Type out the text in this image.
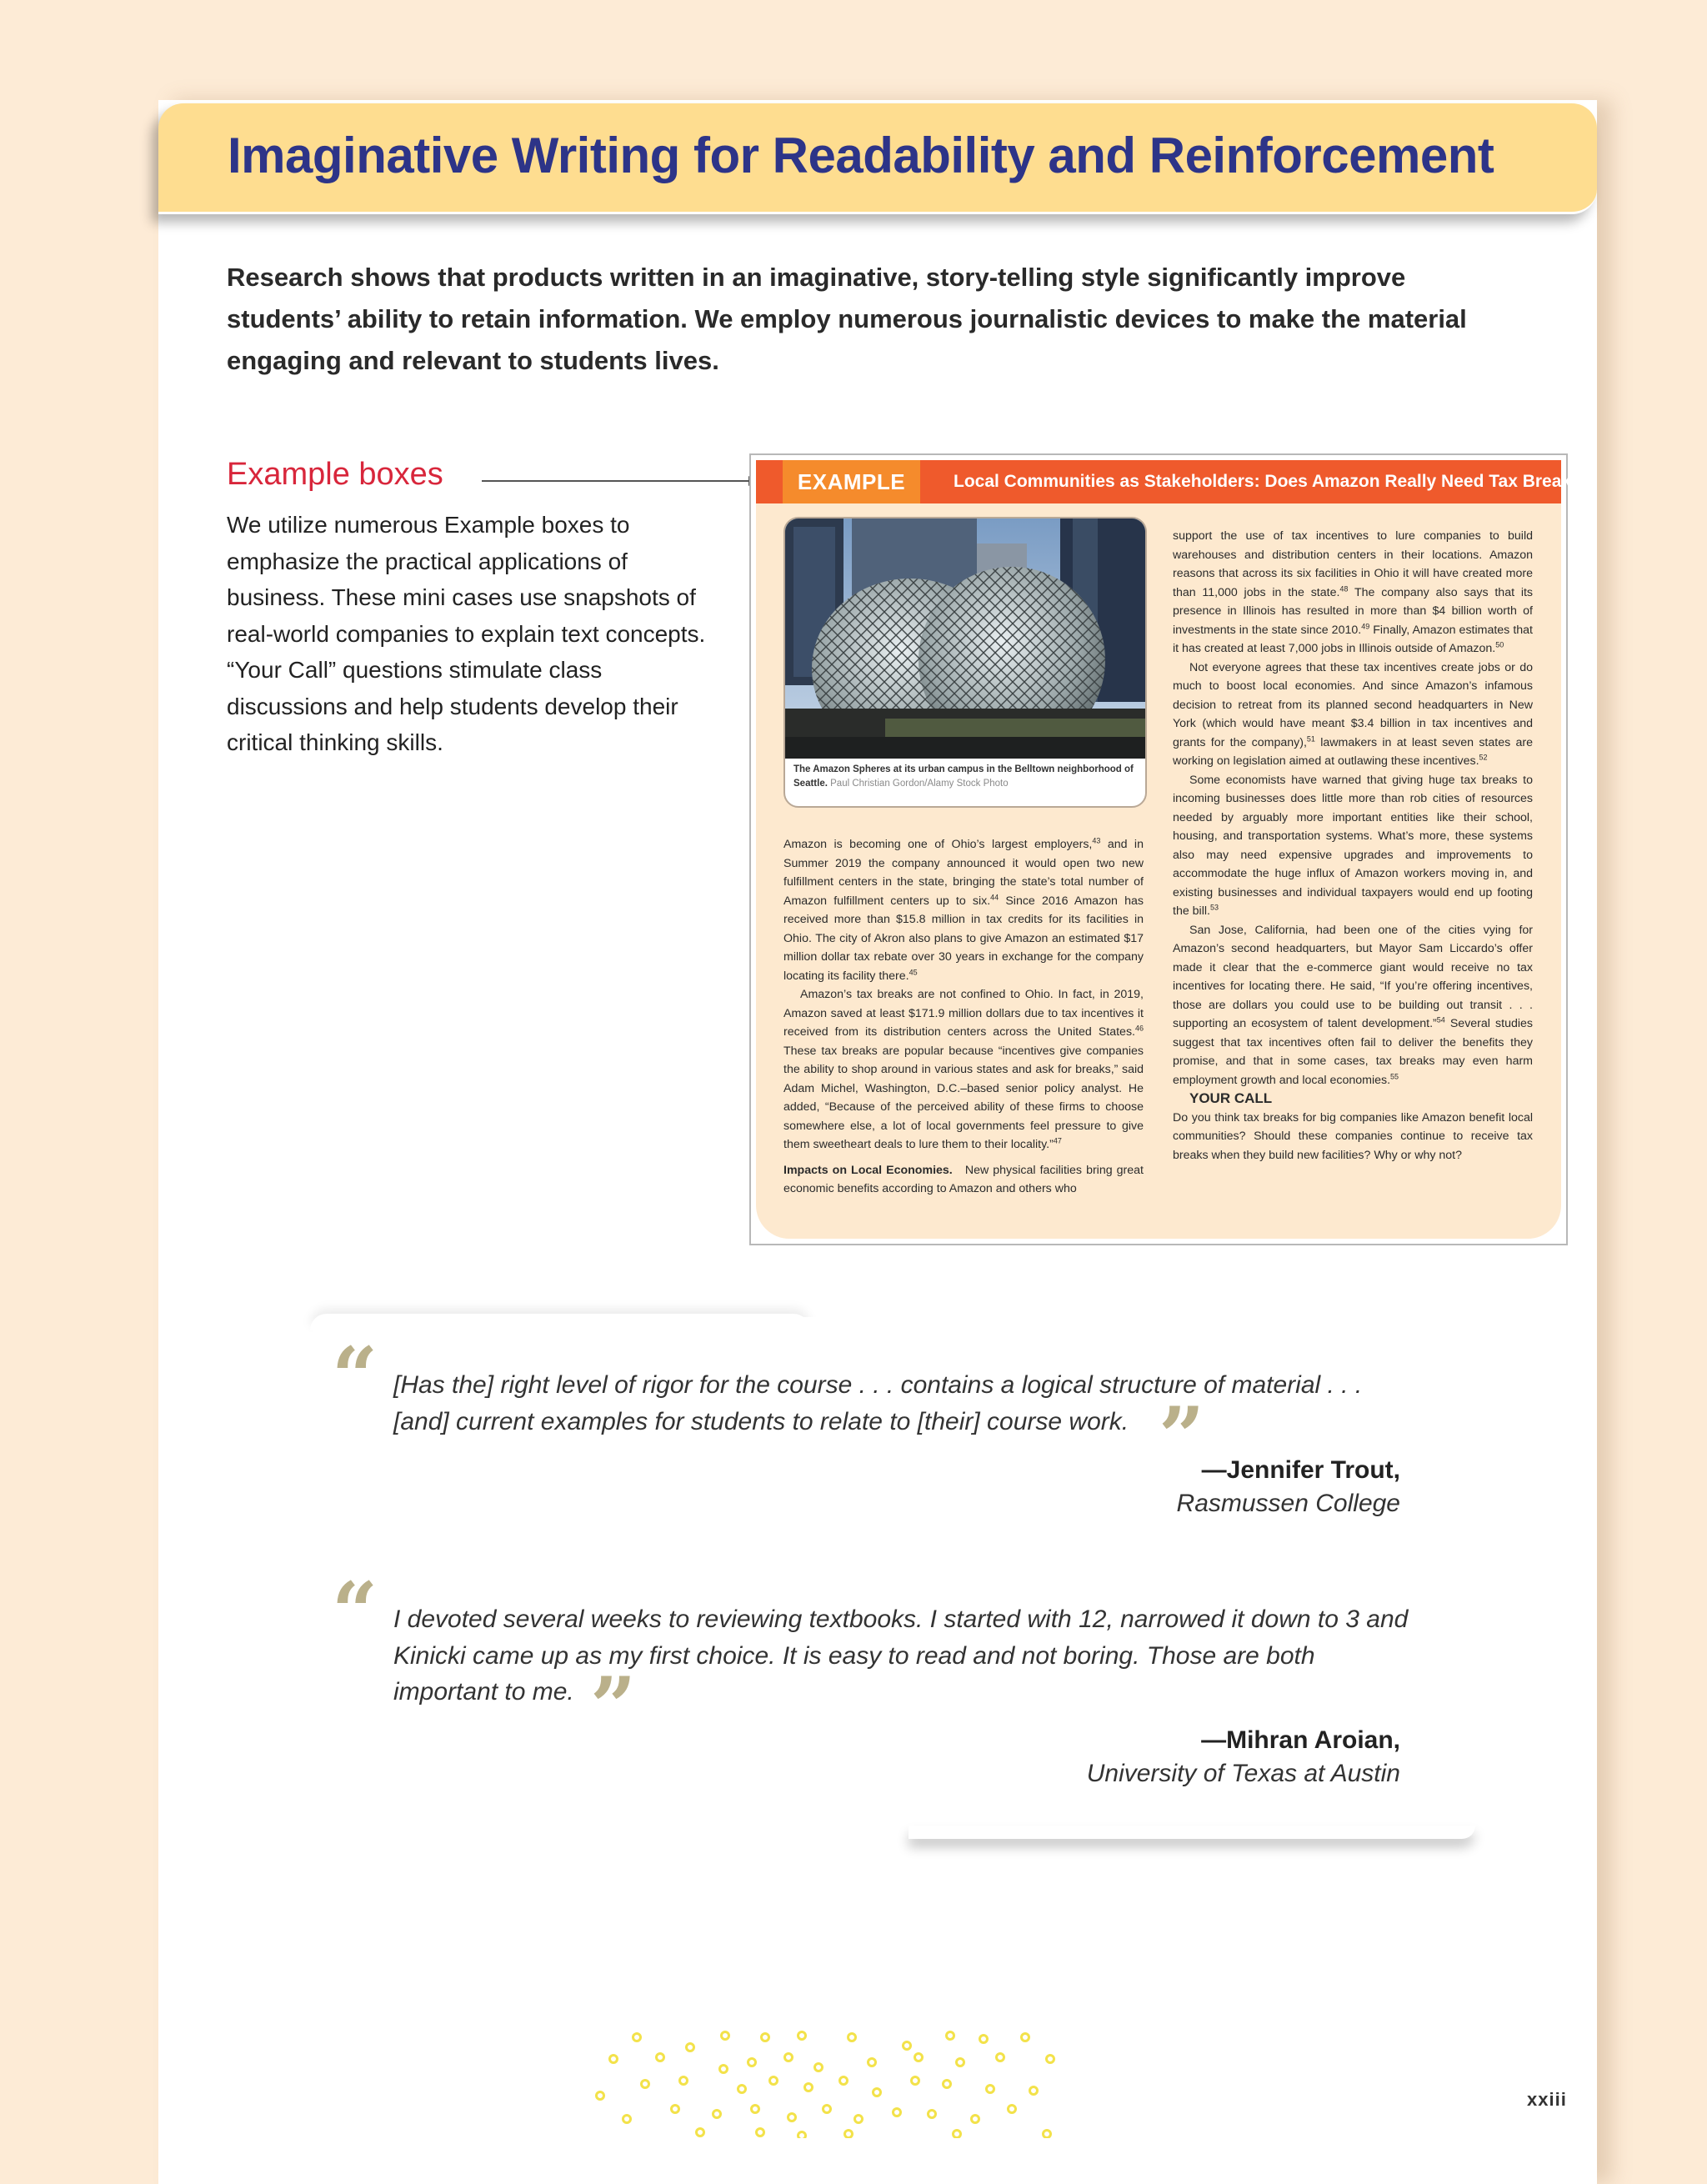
Imaginative Writing for Readability and Reinforcement
Research shows that products written in an imaginative, story-telling style significantly improve students’ ability to retain information. We employ numerous journalistic devices to make the material engaging and relevant to students lives.
Example boxes
We utilize numerous Example boxes to emphasize the practical applications of business. These mini cases use snapshots of real-world companies to explain text concepts. “Your Call” questions stimulate class discussions and help students develop their critical thinking skills.
EXAMPLE	Local Communities as Stakeholders: Does Amazon Really Need Tax Breaks?
The Amazon Spheres at its urban campus in the Belltown neighborhood of Seattle. Paul Christian Gordon/Alamy Stock Photo

Amazon is becoming one of Ohio’s largest employers,$^{43}$ and in Summer 2019 the company announced it would open two new fulfillment centers in the state, bringing the state’s total number of Amazon fulfillment centers up to six.$^{44}$ Since 2016 Amazon has received more than $15.8 million in tax credits for its facilities in Ohio. The city of Akron also plans to give Amazon an estimated $17 million dollar tax rebate over 30 years in exchange for the company locating its facility there.$^{45}$

Amazon’s tax breaks are not confined to Ohio. In fact, in 2019, Amazon saved at least $171.9 million dollars due to tax incentives it received from its distribution centers across the United States.$^{46}$ These tax breaks are popular because “incentives give companies the ability to shop around in various states and ask for breaks,” said Adam Michel, Washington, D.C.–based senior policy analyst. He added, “Because of the perceived ability of these firms to choose somewhere else, a lot of local governments feel pressure to give them sweetheart deals to lure them to their locality.”$^{47}$

Impacts on Local Economies. New physical facilities bring great economic benefits according to Amazon and others who

support the use of tax incentives to lure companies to build warehouses and distribution centers in their locations. Amazon reasons that across its six facilities in Ohio it will have created more than 11,000 jobs in the state.$^{48}$ The company also says that its presence in Illinois has resulted in more than $4 billion worth of investments in the state since 2010.49 Finally, Amazon estimates that it has created at least 7,000 jobs in Illinois outside of Amazon.$^{50}$

Not everyone agrees that these tax incentives create jobs or do much to boost local economies. And since Amazon’s infamous decision to retreat from its planned second headquarters in New York (which would have meant $3.4 billion in tax incentives and grants for the company),$^{51}$ lawmakers in at least seven states are working on legislation aimed at outlawing these incentives.$^{52}$

Some economists have warned that giving huge tax breaks to incoming businesses does little more than rob cities of resources needed by arguably more important entities like their school, housing, and transportation systems. What’s more, these systems also may need expensive upgrades and improvements to accommodate the huge influx of Amazon workers moving in, and existing businesses and individual taxpayers would end up footing the bill.$^{53}$

San Jose, California, had been one of the cities vying for Amazon’s second headquarters, but Mayor Sam Liccardo’s offer made it clear that the e-commerce giant would receive no tax incentives for locating there. He said, “If you’re offering incentives, those are dollars you could use to be building out transit . . . supporting an ecosystem of talent development.”$^{54}$ Several studies suggest that tax incentives often fail to deliver the benefits they promise, and that in some cases, tax breaks may even harm employment growth and local economies.$^{55}$

YOUR CALL

Do you think tax breaks for big companies like Amazon benefit local communities? Should these companies continue to receive tax breaks when they build new facilities? Why or why not?

“ [Has the] right level of rigor for the course . . . contains a logical structure of material . . . [and] current examples for students to relate to [their] course work. ”
—Jennifer Trout,
Rasmussen College
“ I devoted several weeks to reviewing textbooks. I started with 12, narrowed it down to 3 and Kinicki came up as my first choice. It is easy to read and not boring. Those are both important to me. ”	—Mihran Aroian,
University of Texas at Austin
xxiii
